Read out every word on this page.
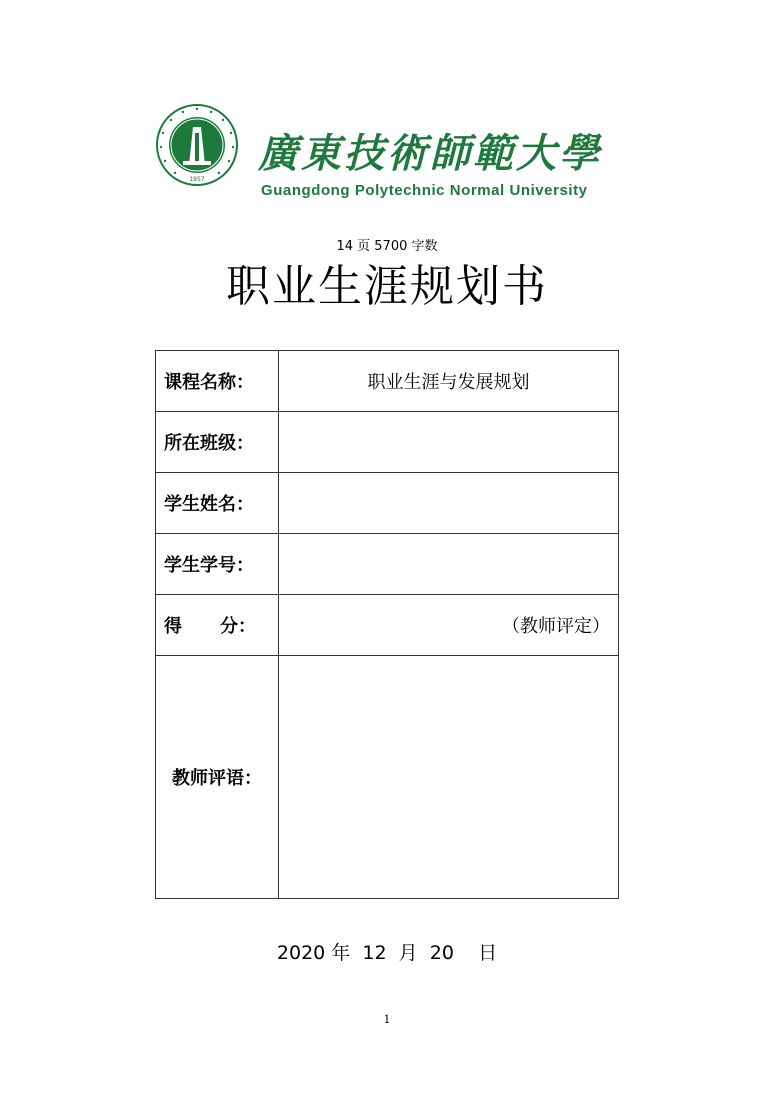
1957
廣東技術師範大學
Guangdong Polytechnic Normal University
14 页 5700 字数
职业生涯规划书
课程名称：	职业生涯与发展规划
所在班级：	
学生姓名：	
学生学号：	

得 分：	（教师评定）
教师评语：	
2020 年  12  月  20    日
1
